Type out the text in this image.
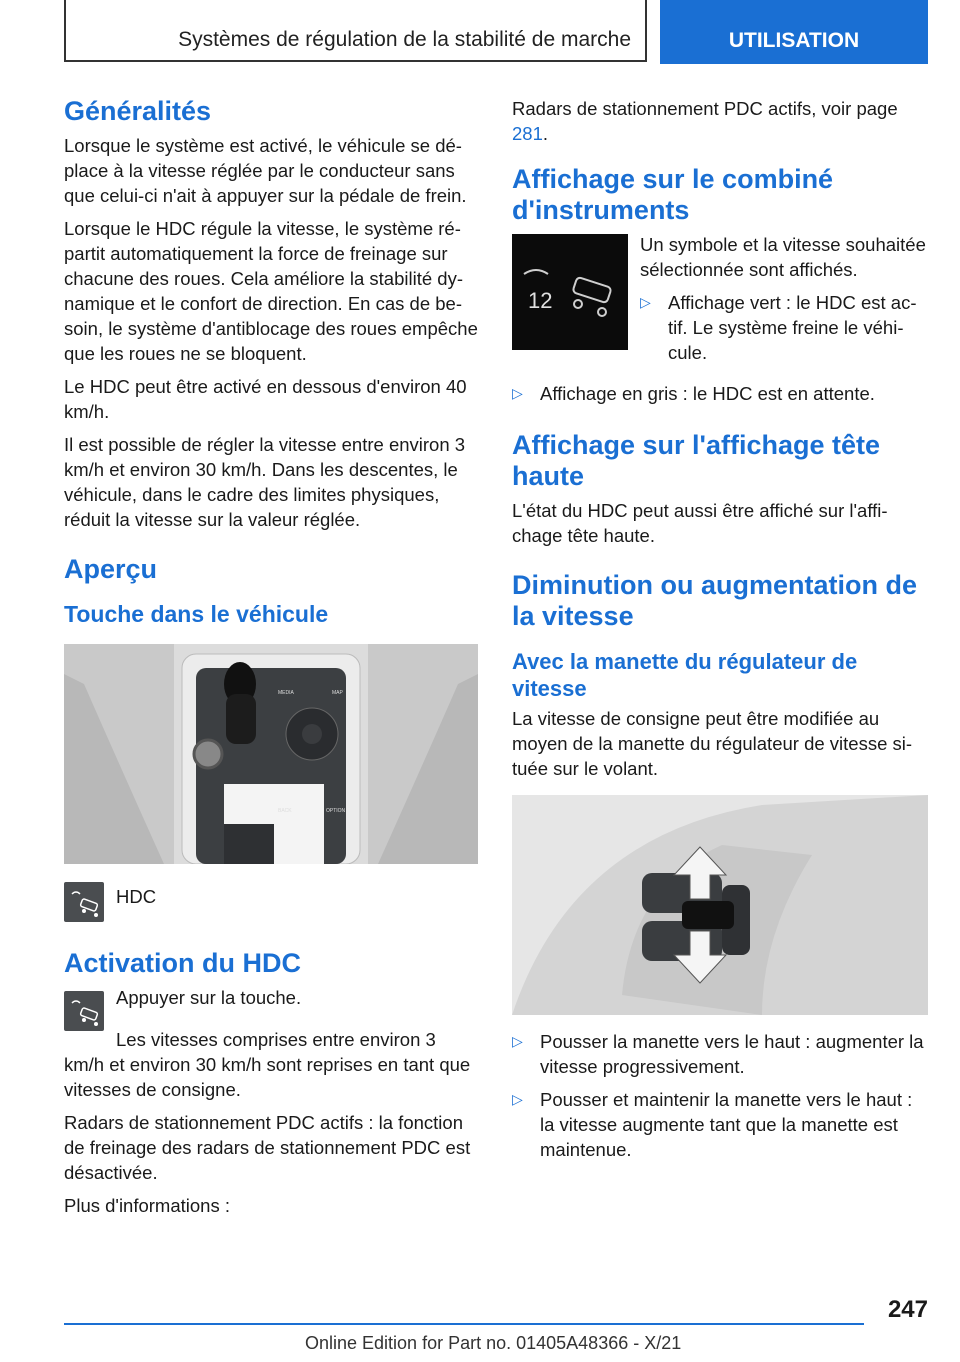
Systèmes de régulation de la stabilité de marche	UTILISATION
Généralités

Lorsque le système est activé, le véhicule se déplace à la vitesse réglée par le conducteur sans que celui-ci n'ait à appuyer sur la pédale de frein.

Lorsque le HDC régule la vitesse, le système répartit automatiquement la force de freinage sur chacune des roues. Cela améliore la stabilité dynamique et le confort de direction. En cas de besoin, le système d'antiblocage des roues empêche que les roues ne se bloquent.

Le HDC peut être activé en dessous d'environ 40 km/h.

Il est possible de régler la vitesse entre environ 3 km/h et environ 30 km/h. Dans les descentes, le véhicule, dans le cadre des limites physiques, réduit la vitesse sur la valeur réglée.

Aperçu
Touche dans le véhicule
MEDIA	MAP
BACK	OPTION
HDC
Activation du HDC

Appuyer sur la touche.

Les vitesses comprises entre environ 3 km/h et environ 30 km/h sont reprises en tant que vitesses de consigne.

Radars de stationnement PDC actifs : la fonction de freinage des radars de stationnement PDC est désactivée.

Plus d'informations :

Radars de stationnement PDC actifs, voir page 281.

Affichage sur le combiné d'instruments
12

Un symbole et la vitesse souhaitée sélectionnée sont affichés.

▷ Affichage vert : le HDC est actif. Le système freine le véhicule.
▷ Affichage en gris : le HDC est en attente.
Affichage sur l'affichage tête haute

L'état du HDC peut aussi être affiché sur l'affichage tête haute.

Diminution ou augmentation de la vitesse
Avec la manette du régulateur de vitesse

La vitesse de consigne peut être modifiée au moyen de la manette du régulateur de vitesse située sur le volant.

▷ Pousser la manette vers le haut : augmenter la vitesse progressivement.
▷ Pousser et maintenir la manette vers le haut : la vitesse augmente tant que la manette est maintenue.
247
Online Edition for Part no. 01405A48366 - X/21
